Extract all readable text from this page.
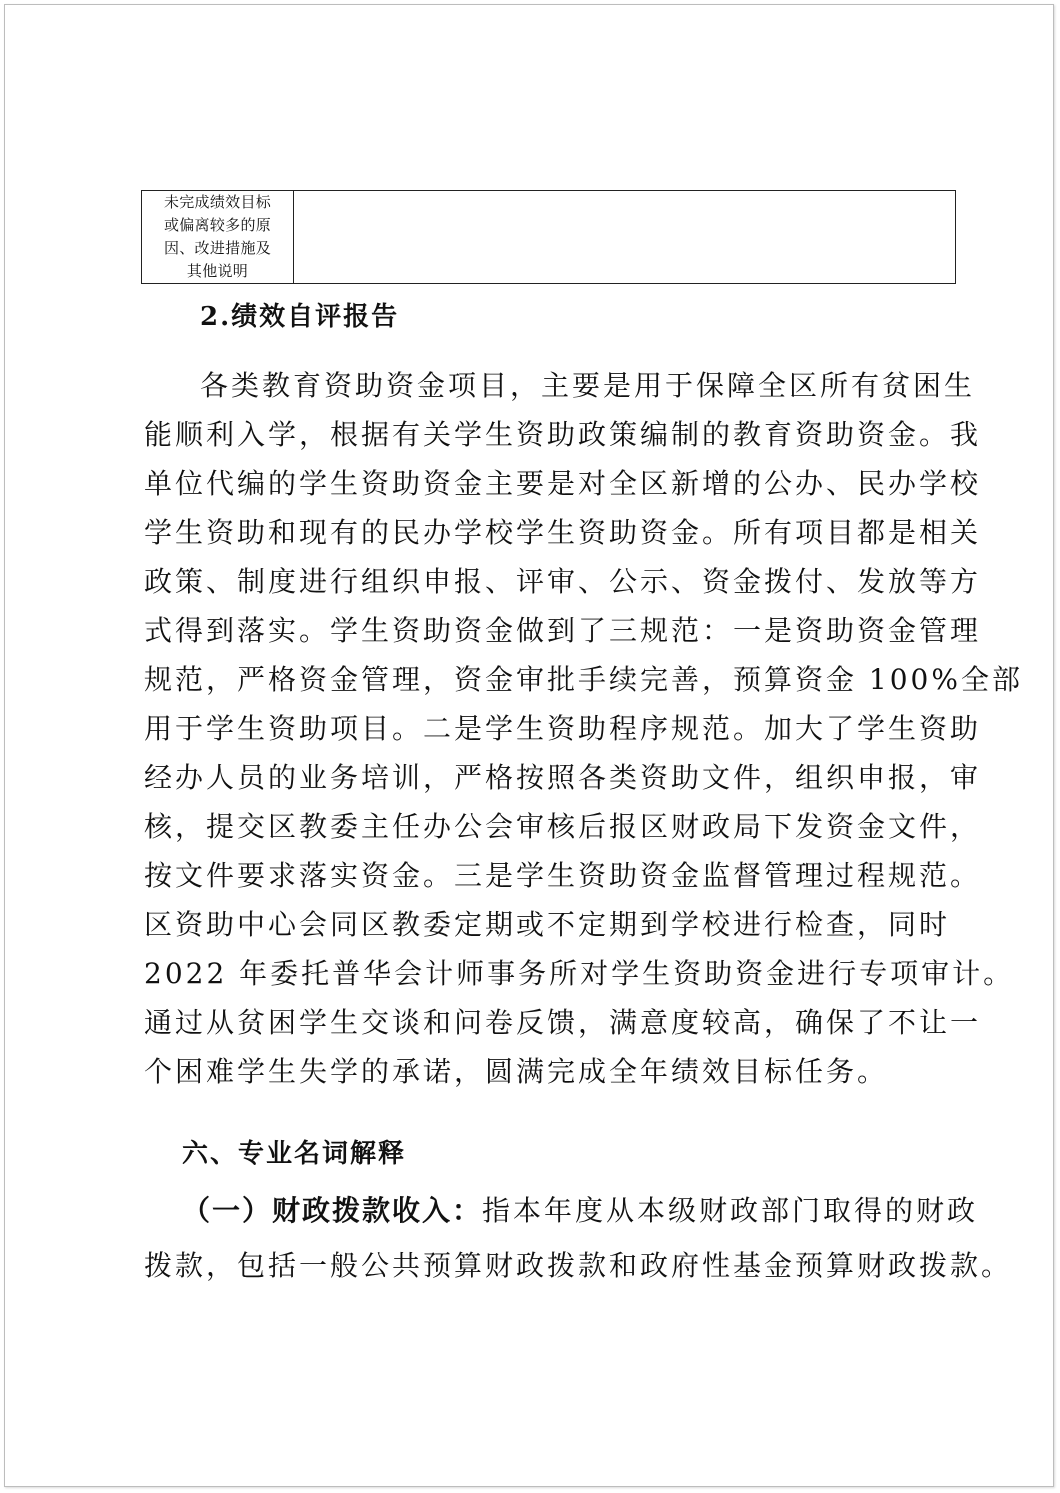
未完成绩效目标
或偏离较多的原
因、改进措施及
其他说明

2.绩效自评报告

各类教育资助资金项目，主要是用于保障全区所有贫困生
能顺利入学，根据有关学生资助政策编制的教育资助资金。我
单位代编的学生资助资金主要是对全区新增的公办、民办学校
学生资助和现有的民办学校学生资助资金。所有项目都是相关
政策、制度进行组织申报、评审、公示、资金拨付、发放等方
式得到落实。学生资助资金做到了三规范：一是资助资金管理
规范，严格资金管理，资金审批手续完善，预算资金 100%全部
用于学生资助项目。二是学生资助程序规范。加大了学生资助
经办人员的业务培训，严格按照各类资助文件，组织申报，审
核，提交区教委主任办公会审核后报区财政局下发资金文件，
按文件要求落实资金。三是学生资助资金监督管理过程规范。
区资助中心会同区教委定期或不定期到学校进行检查，同时
2022 年委托普华会计师事务所对学生资助资金进行专项审计。
通过从贫困学生交谈和问卷反馈，满意度较高，确保了不让一
个困难学生失学的承诺，圆满完成全年绩效目标任务。

六、专业名词解释

（一）财政拨款收入：指本年度从本级财政部门取得的财政
拨款，包括一般公共预算财政拨款和政府性基金预算财政拨款。
